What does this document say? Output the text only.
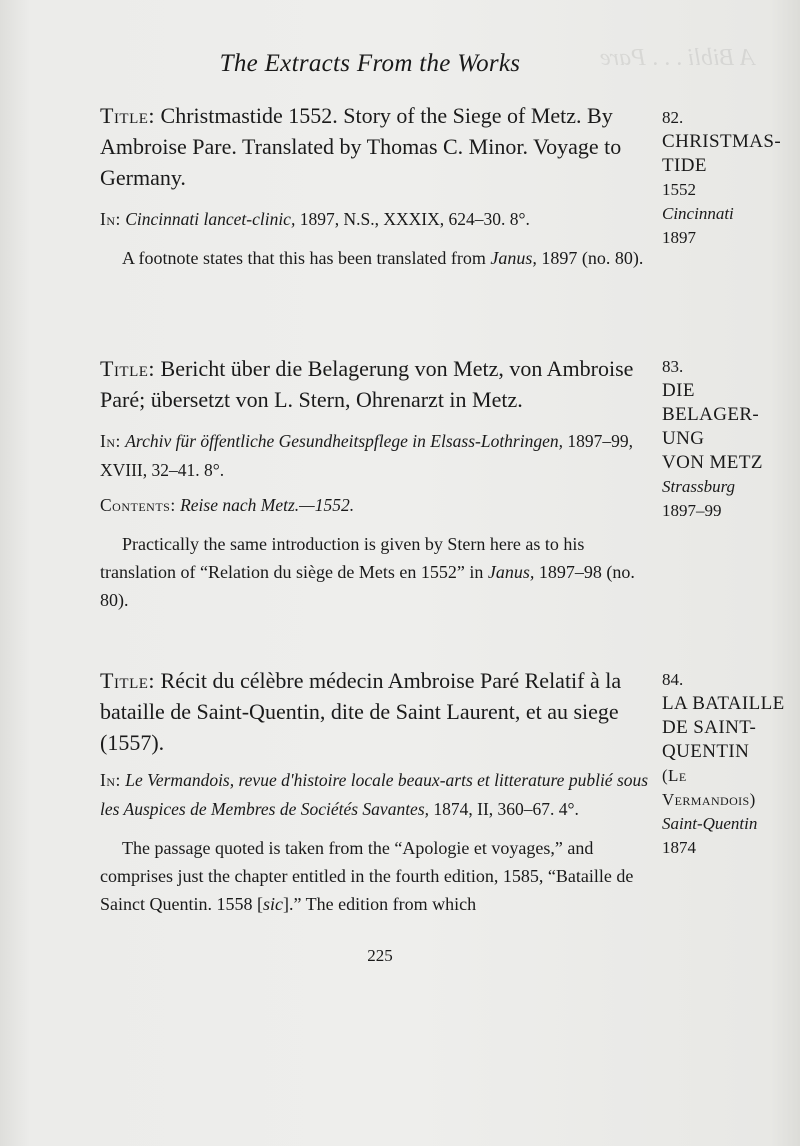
A Bibli . . . Pare
The Extracts From the Works
Title: Christmastide 1552. Story of the Siege of Metz. By Ambroise Pare. Translated by Thomas C. Minor. Voyage to Germany.
In: Cincinnati lancet-clinic, 1897, N.S., XXXIX, 624–30. 8°.
A footnote states that this has been translated from Janus, 1897 (no. 80).
82.
CHRISTMAS-
TIDE
1552
Cincinnati
1897
Title: Bericht über die Belagerung von Metz, von Ambroise Paré; übersetzt von L. Stern, Ohrenarzt in Metz.
In: Archiv für öffentliche Gesundheitspflege in Elsass-Lothringen, 1897–99, XVIII, 32–41. 8°.
Contents: Reise nach Metz.—1552.
Practically the same introduction is given by Stern here as to his translation of “Relation du siège de Mets en 1552” in Janus, 1897–98 (no. 80).
83.
DIE BELAGER-
UNG
VON METZ
Strassburg
1897–99
Title: Récit du célèbre médecin Ambroise Paré Relatif à la bataille de Saint-Quentin, dite de Saint Laurent, et au siege (1557).
In: Le Vermandois, revue d'histoire locale beaux-arts et litterature publié sous les Auspices de Membres de Sociétés Savantes, 1874, II, 360–67. 4°.
The passage quoted is taken from the “Apologie et voyages,” and comprises just the chapter entitled in the fourth edition, 1585, “Bataille de Sainct Quentin. 1558 [sic].” The edition from which
84.
LA BATAILLE
DE SAINT-
QUENTIN
(Le
Vermandois)
Saint-Quentin
1874
225
